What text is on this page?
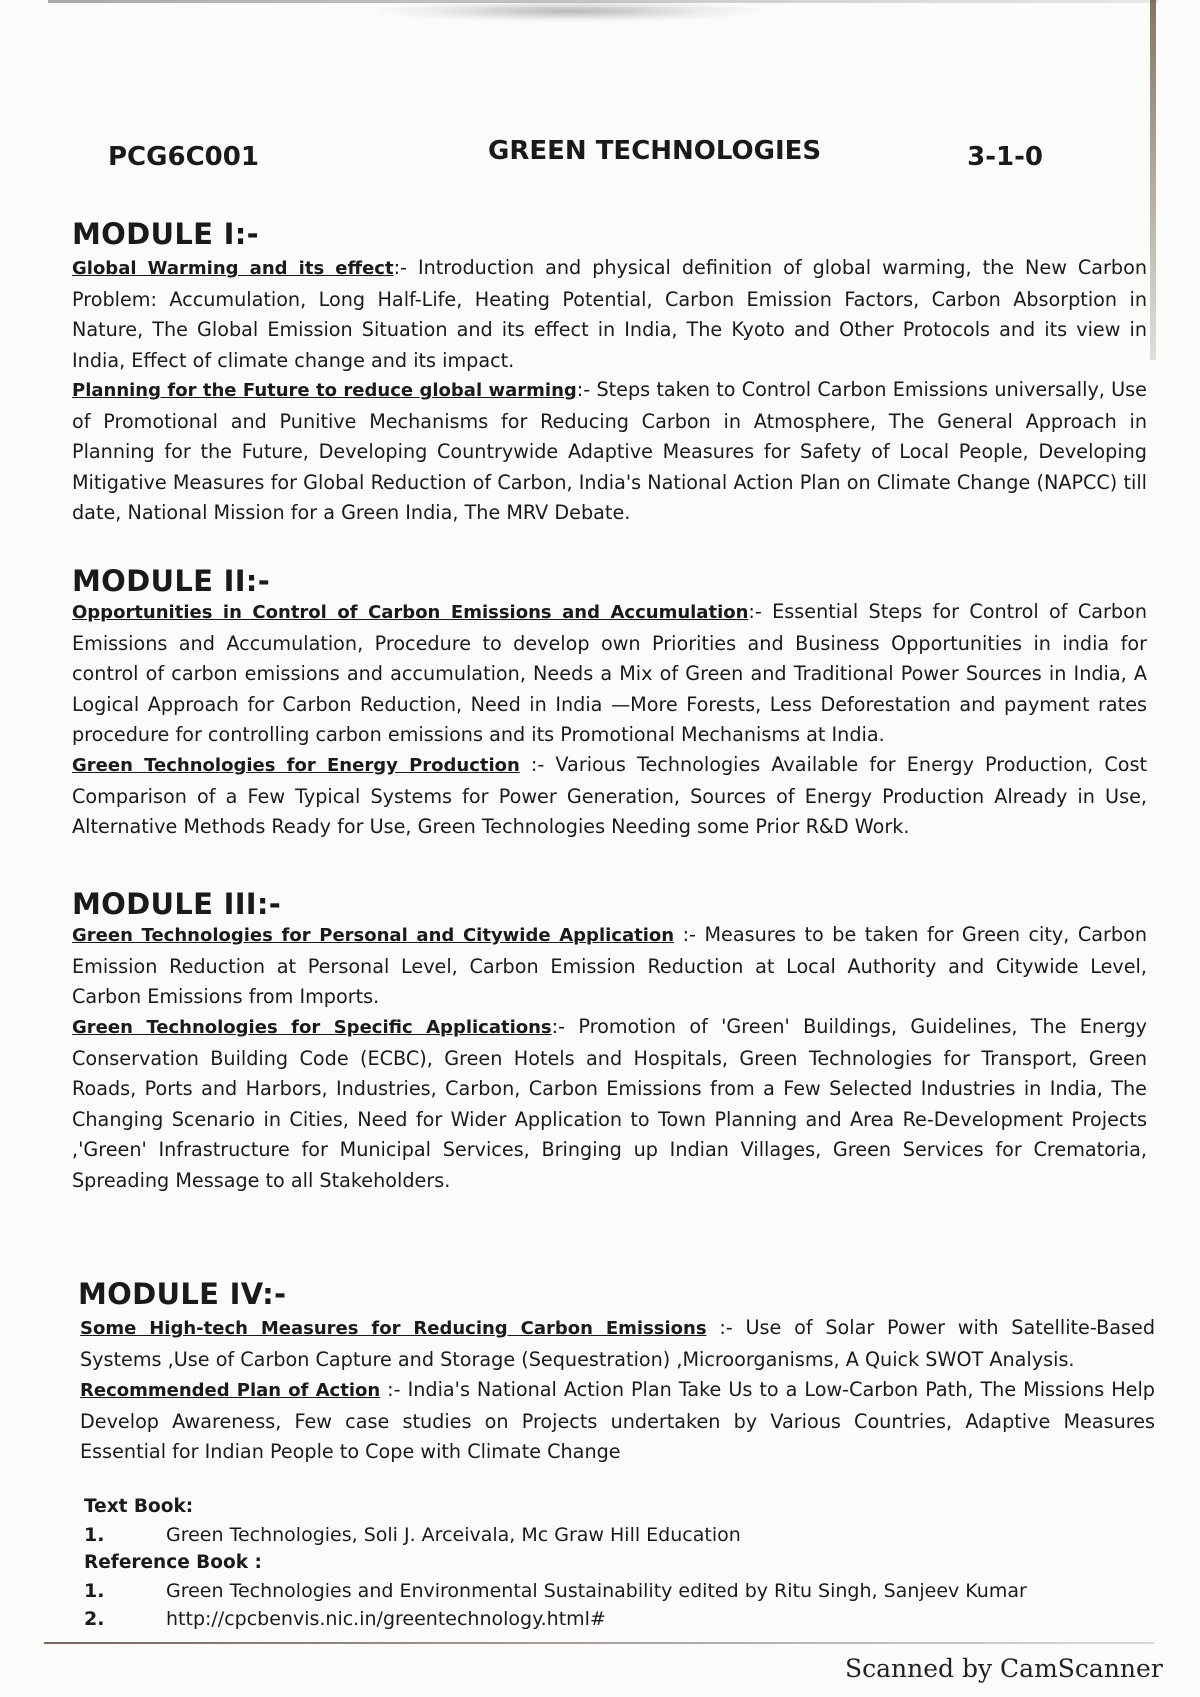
PCG6C001	GREEN TECHNOLOGIES	3-1-0
MODULE I:-
Global Warming and its effect:- Introduction and physical definition of global warming, the New Carbon Problem: Accumulation, Long Half-Life, Heating Potential, Carbon Emission Factors, Carbon Absorption in Nature, The Global Emission Situation and its effect in India, The Kyoto and Other Protocols and its view in India, Effect of climate change and its impact.
Planning for the Future to reduce global warming:- Steps taken to Control Carbon Emissions universally, Use of Promotional and Punitive Mechanisms for Reducing Carbon in Atmosphere, The General Approach in Planning for the Future, Developing Countrywide Adaptive Measures for Safety of Local People, Developing Mitigative Measures for Global Reduction of Carbon, India's National Action Plan on Climate Change (NAPCC) till date, National Mission for a Green India, The MRV Debate.
MODULE II:-
Opportunities in Control of Carbon Emissions and Accumulation:- Essential Steps for Control of Carbon Emissions and Accumulation, Procedure to develop own Priorities and Business Opportunities in india for control of carbon emissions and accumulation, Needs a Mix of Green and Traditional Power Sources in India, A Logical Approach for Carbon Reduction, Need in India —More Forests, Less Deforestation and payment rates procedure for controlling carbon emissions and its Promotional Mechanisms at India.
Green Technologies for Energy Production :- Various Technologies Available for Energy Production, Cost Comparison of a Few Typical Systems for Power Generation, Sources of Energy Production Already in Use, Alternative Methods Ready for Use, Green Technologies Needing some Prior R&D Work.
MODULE III:-
Green Technologies for Personal and Citywide Application :- Measures to be taken for Green city, Carbon Emission Reduction at Personal Level, Carbon Emission Reduction at Local Authority and Citywide Level, Carbon Emissions from Imports.
Green Technologies for Specific Applications:- Promotion of 'Green' Buildings, Guidelines, The Energy Conservation Building Code (ECBC), Green Hotels and Hospitals, Green Technologies for Transport, Green Roads, Ports and Harbors, Industries, Carbon, Carbon Emissions from a Few Selected Industries in India, The Changing Scenario in Cities, Need for Wider Application to Town Planning and Area Re-Development Projects ,'Green' Infrastructure for Municipal Services, Bringing up Indian Villages, Green Services for Crematoria, Spreading Message to all Stakeholders.
MODULE IV:-
Some High-tech Measures for Reducing Carbon Emissions :- Use of Solar Power with Satellite-Based Systems ,Use of Carbon Capture and Storage (Sequestration) ,Microorganisms, A Quick SWOT Analysis.
Recommended Plan of Action :- India's National Action Plan Take Us to a Low-Carbon Path, The Missions Help Develop Awareness, Few case studies on Projects undertaken by Various Countries, Adaptive Measures Essential for Indian People to Cope with Climate Change
Text Book:
1.	Green Technologies, Soli J. Arceivala, Mc Graw Hill Education
Reference Book :
1.	Green Technologies and Environmental Sustainability edited by Ritu Singh, Sanjeev Kumar
2.	http://cpcbenvis.nic.in/greentechnology.html#
Scanned by CamScanner
